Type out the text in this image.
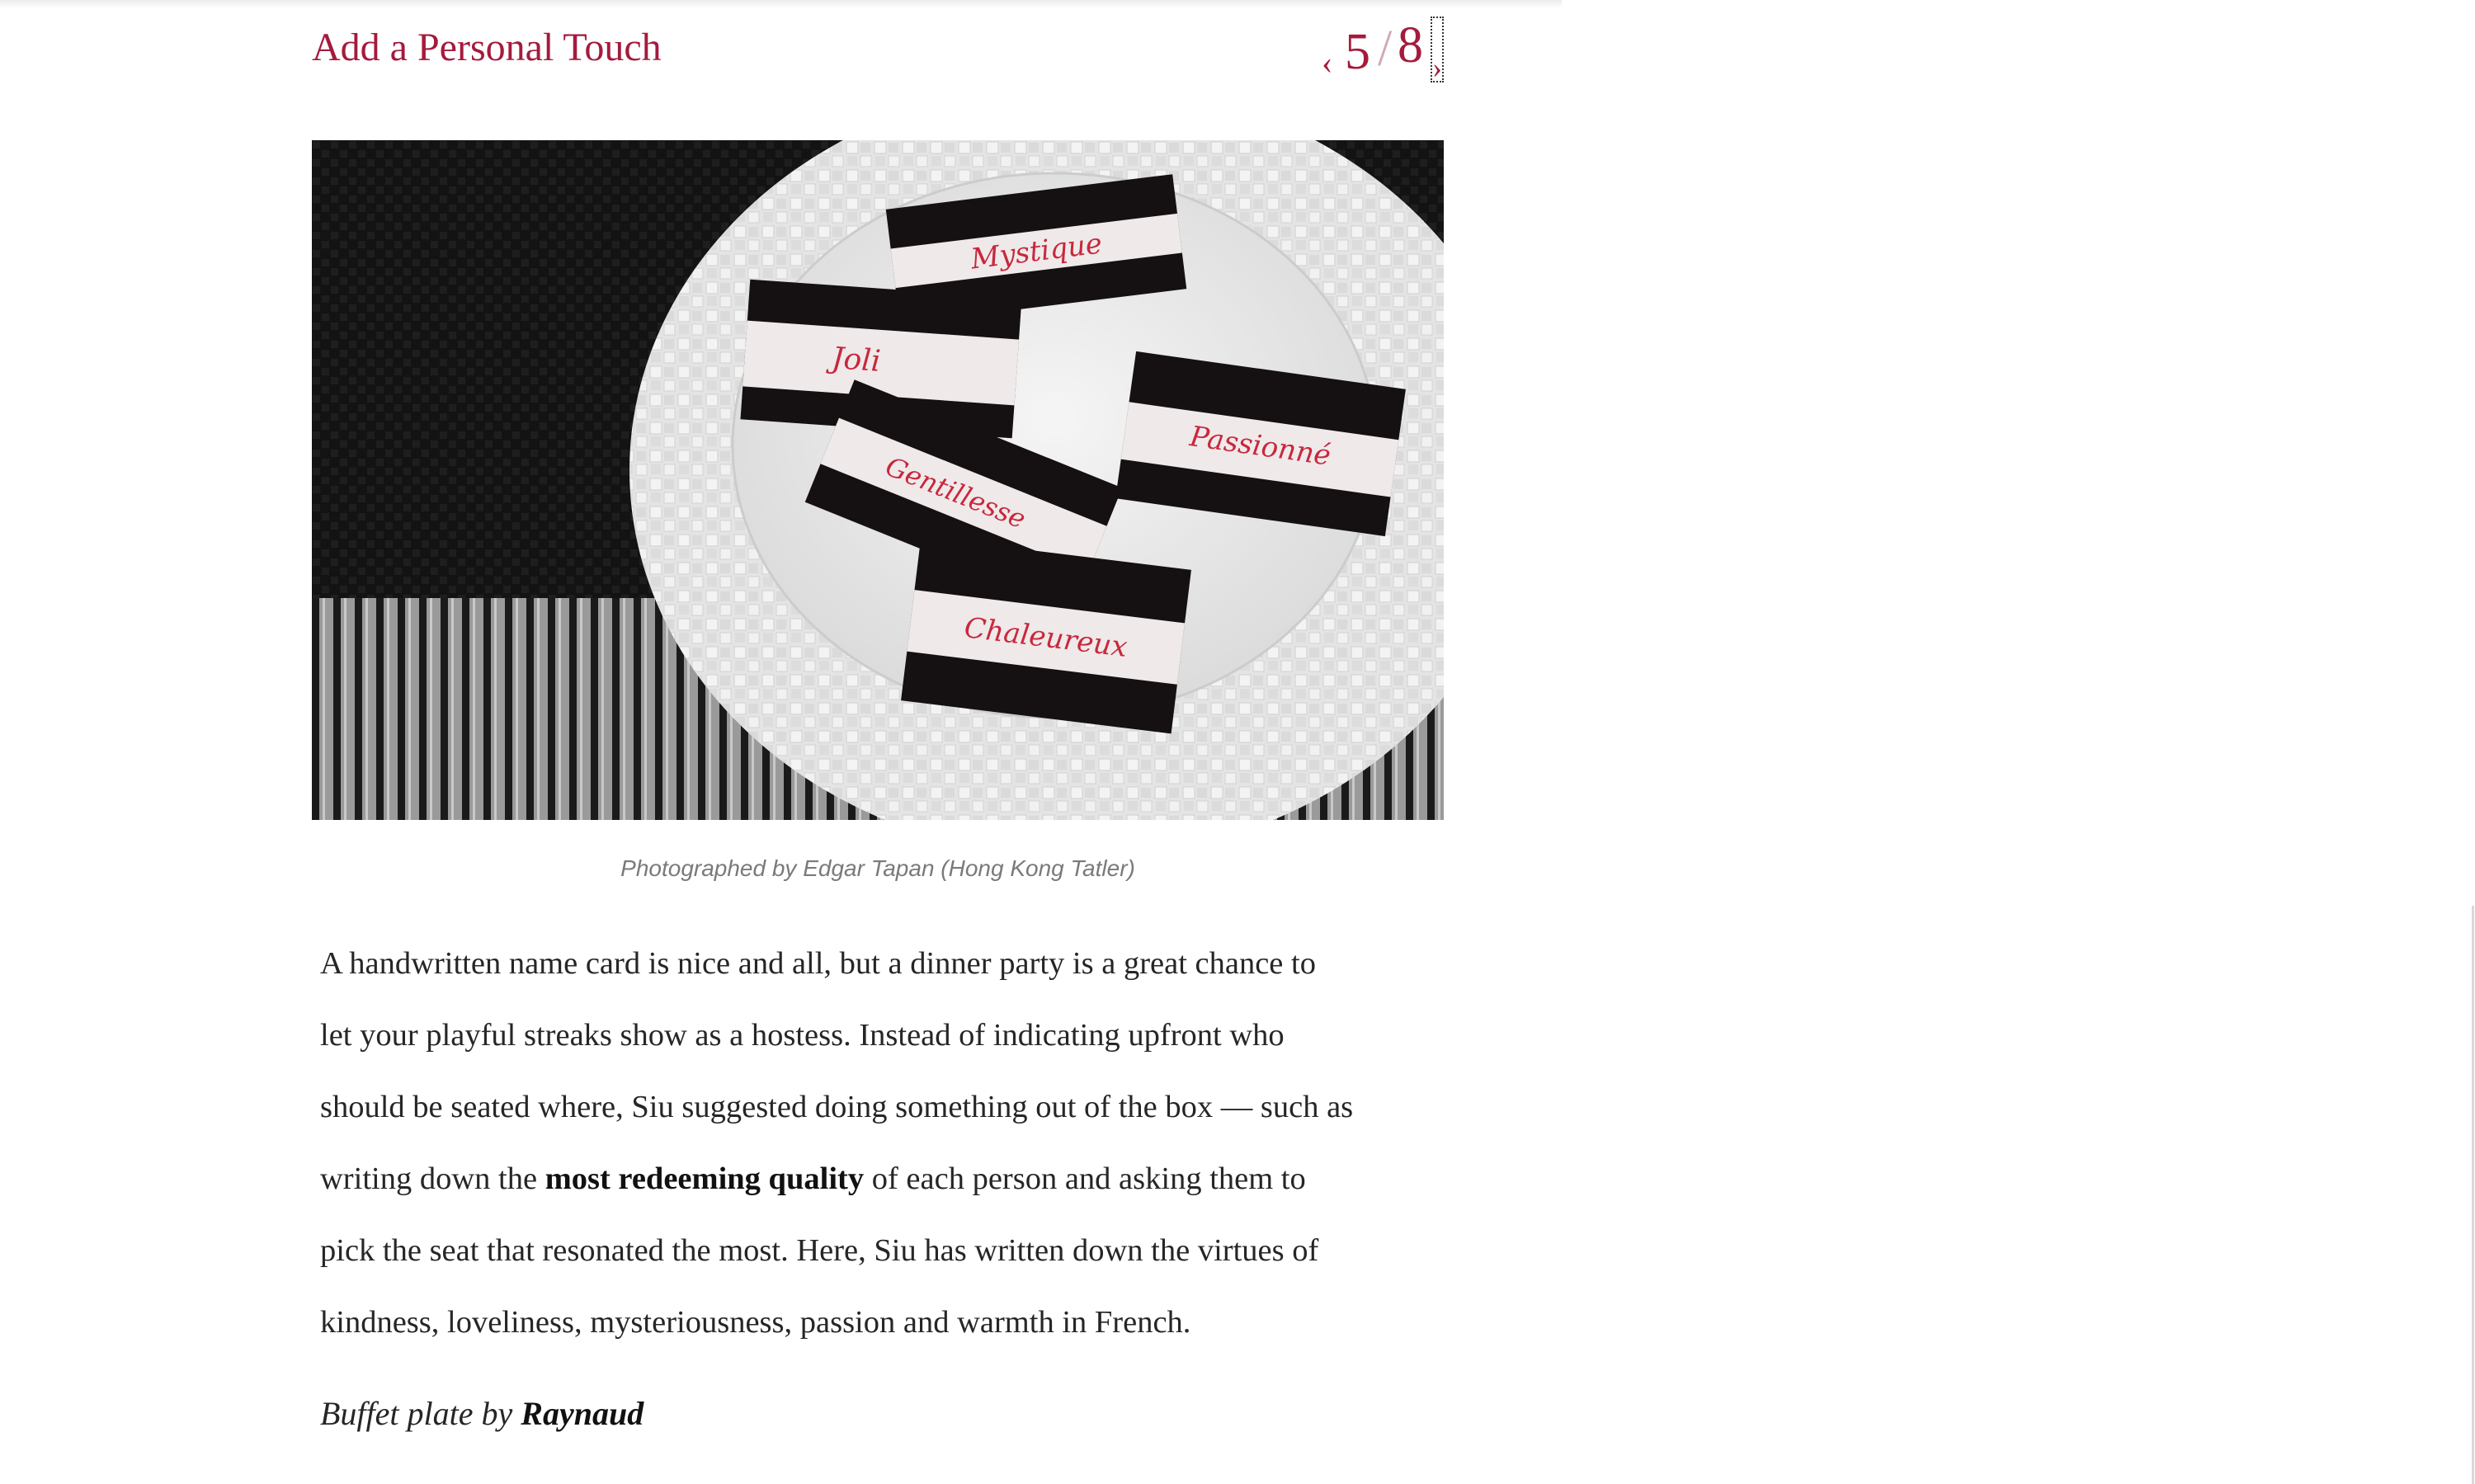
Add a Personal Touch	‹ 5 / 8 ›
Mystique
Joli
Passionné
Gentillesse
Chaleureux
Photographed by Edgar Tapan (Hong Kong Tatler)

A handwritten name card is nice and all, but a dinner party is a great chance to

let your playful streaks show as a hostess. Instead of indicating upfront who

should be seated where, Siu suggested doing something out of the box — such as

writing down the most redeeming quality of each person and asking them to

pick the seat that resonated the most. Here, Siu has written down the virtues of

kindness, loveliness, mysteriousness, passion and warmth in French.

Buffet plate by Raynaud
